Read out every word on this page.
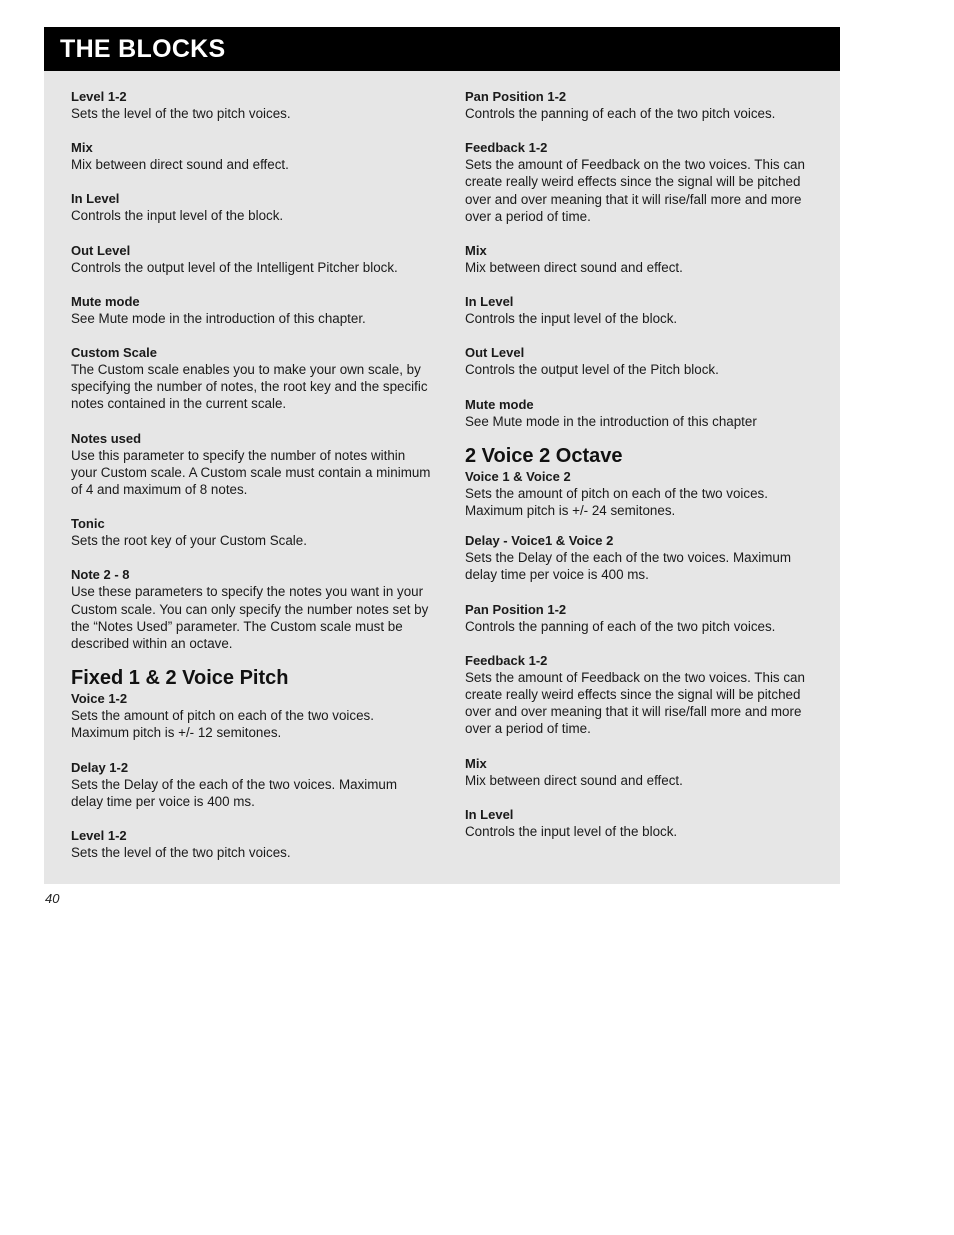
THE BLOCKS
Level 1-2
Sets the level of the two pitch voices.
Mix
Mix between direct sound and effect.
In Level
Controls the input level of the block.
Out Level
Controls the output level of the Intelligent Pitcher block.
Mute mode
See Mute mode in the introduction of this chapter.
Custom Scale
The Custom scale enables you to make your own scale, by specifying the number of notes, the root key and the specific notes contained in the current scale.
Notes used
Use this parameter to specify the number of notes within your Custom scale. A Custom scale must contain a minimum of 4 and maximum of 8 notes.
Tonic
Sets the root key of your Custom Scale.
Note 2 - 8
Use these parameters to specify the notes you want in your Custom scale. You can only specify the number notes set by the “Notes Used” parameter. The Custom scale must be described within an octave.
Fixed 1 & 2 Voice Pitch
Voice 1-2
Sets the amount of pitch on each of the two voices. Maximum pitch is +/- 12 semitones.
Delay 1-2
Sets the Delay of the each of the two voices. Maximum delay time per voice is 400 ms.
Level 1-2
Sets the level of the two pitch voices.
Pan Position 1-2
Controls the panning of each of the two pitch voices.
Feedback 1-2
Sets the amount of Feedback on the two voices. This can create really weird effects since the signal will be pitched over and over meaning that it will rise/fall more and more over a period of time.
Mix
Mix between direct sound and effect.
In Level
Controls the input level of the block.
Out Level
Controls the output level of the Pitch block.
Mute mode
See Mute mode in the introduction of this chapter
2 Voice 2 Octave
Voice 1 & Voice 2
Sets the amount of pitch on each of the two voices. Maximum pitch is +/- 24 semitones.
Delay - Voice1 & Voice 2
Sets the Delay of the each of the two voices. Maximum delay time per voice is 400 ms.
Pan Position 1-2
Controls the panning of each of the two pitch voices.
Feedback 1-2
Sets the amount of Feedback on the two voices. This can create really weird effects since the signal will be pitched over and over meaning that it will rise/fall more and more over a period of time.
Mix
Mix between direct sound and effect.
In Level
Controls the input level of the block.
40
